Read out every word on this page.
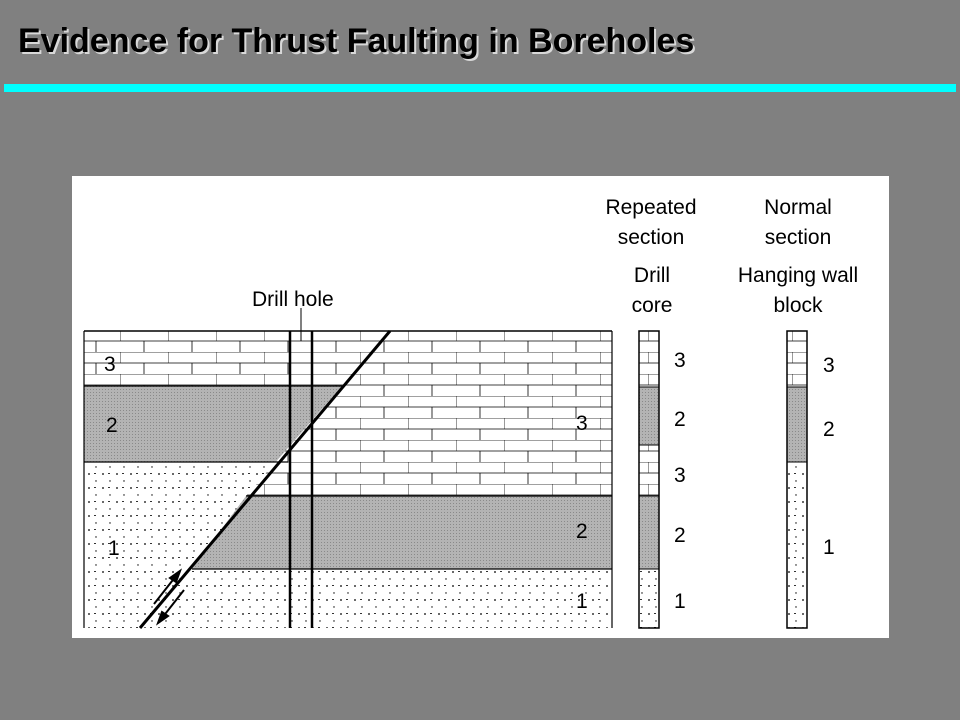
Evidence for Thrust Faulting in Boreholes
Drill hole
3
2
1
3
2
1
Repeated
section
Drill
core
3
2
3
2
1
Normal
section
Hanging wall
block
3
2
1
